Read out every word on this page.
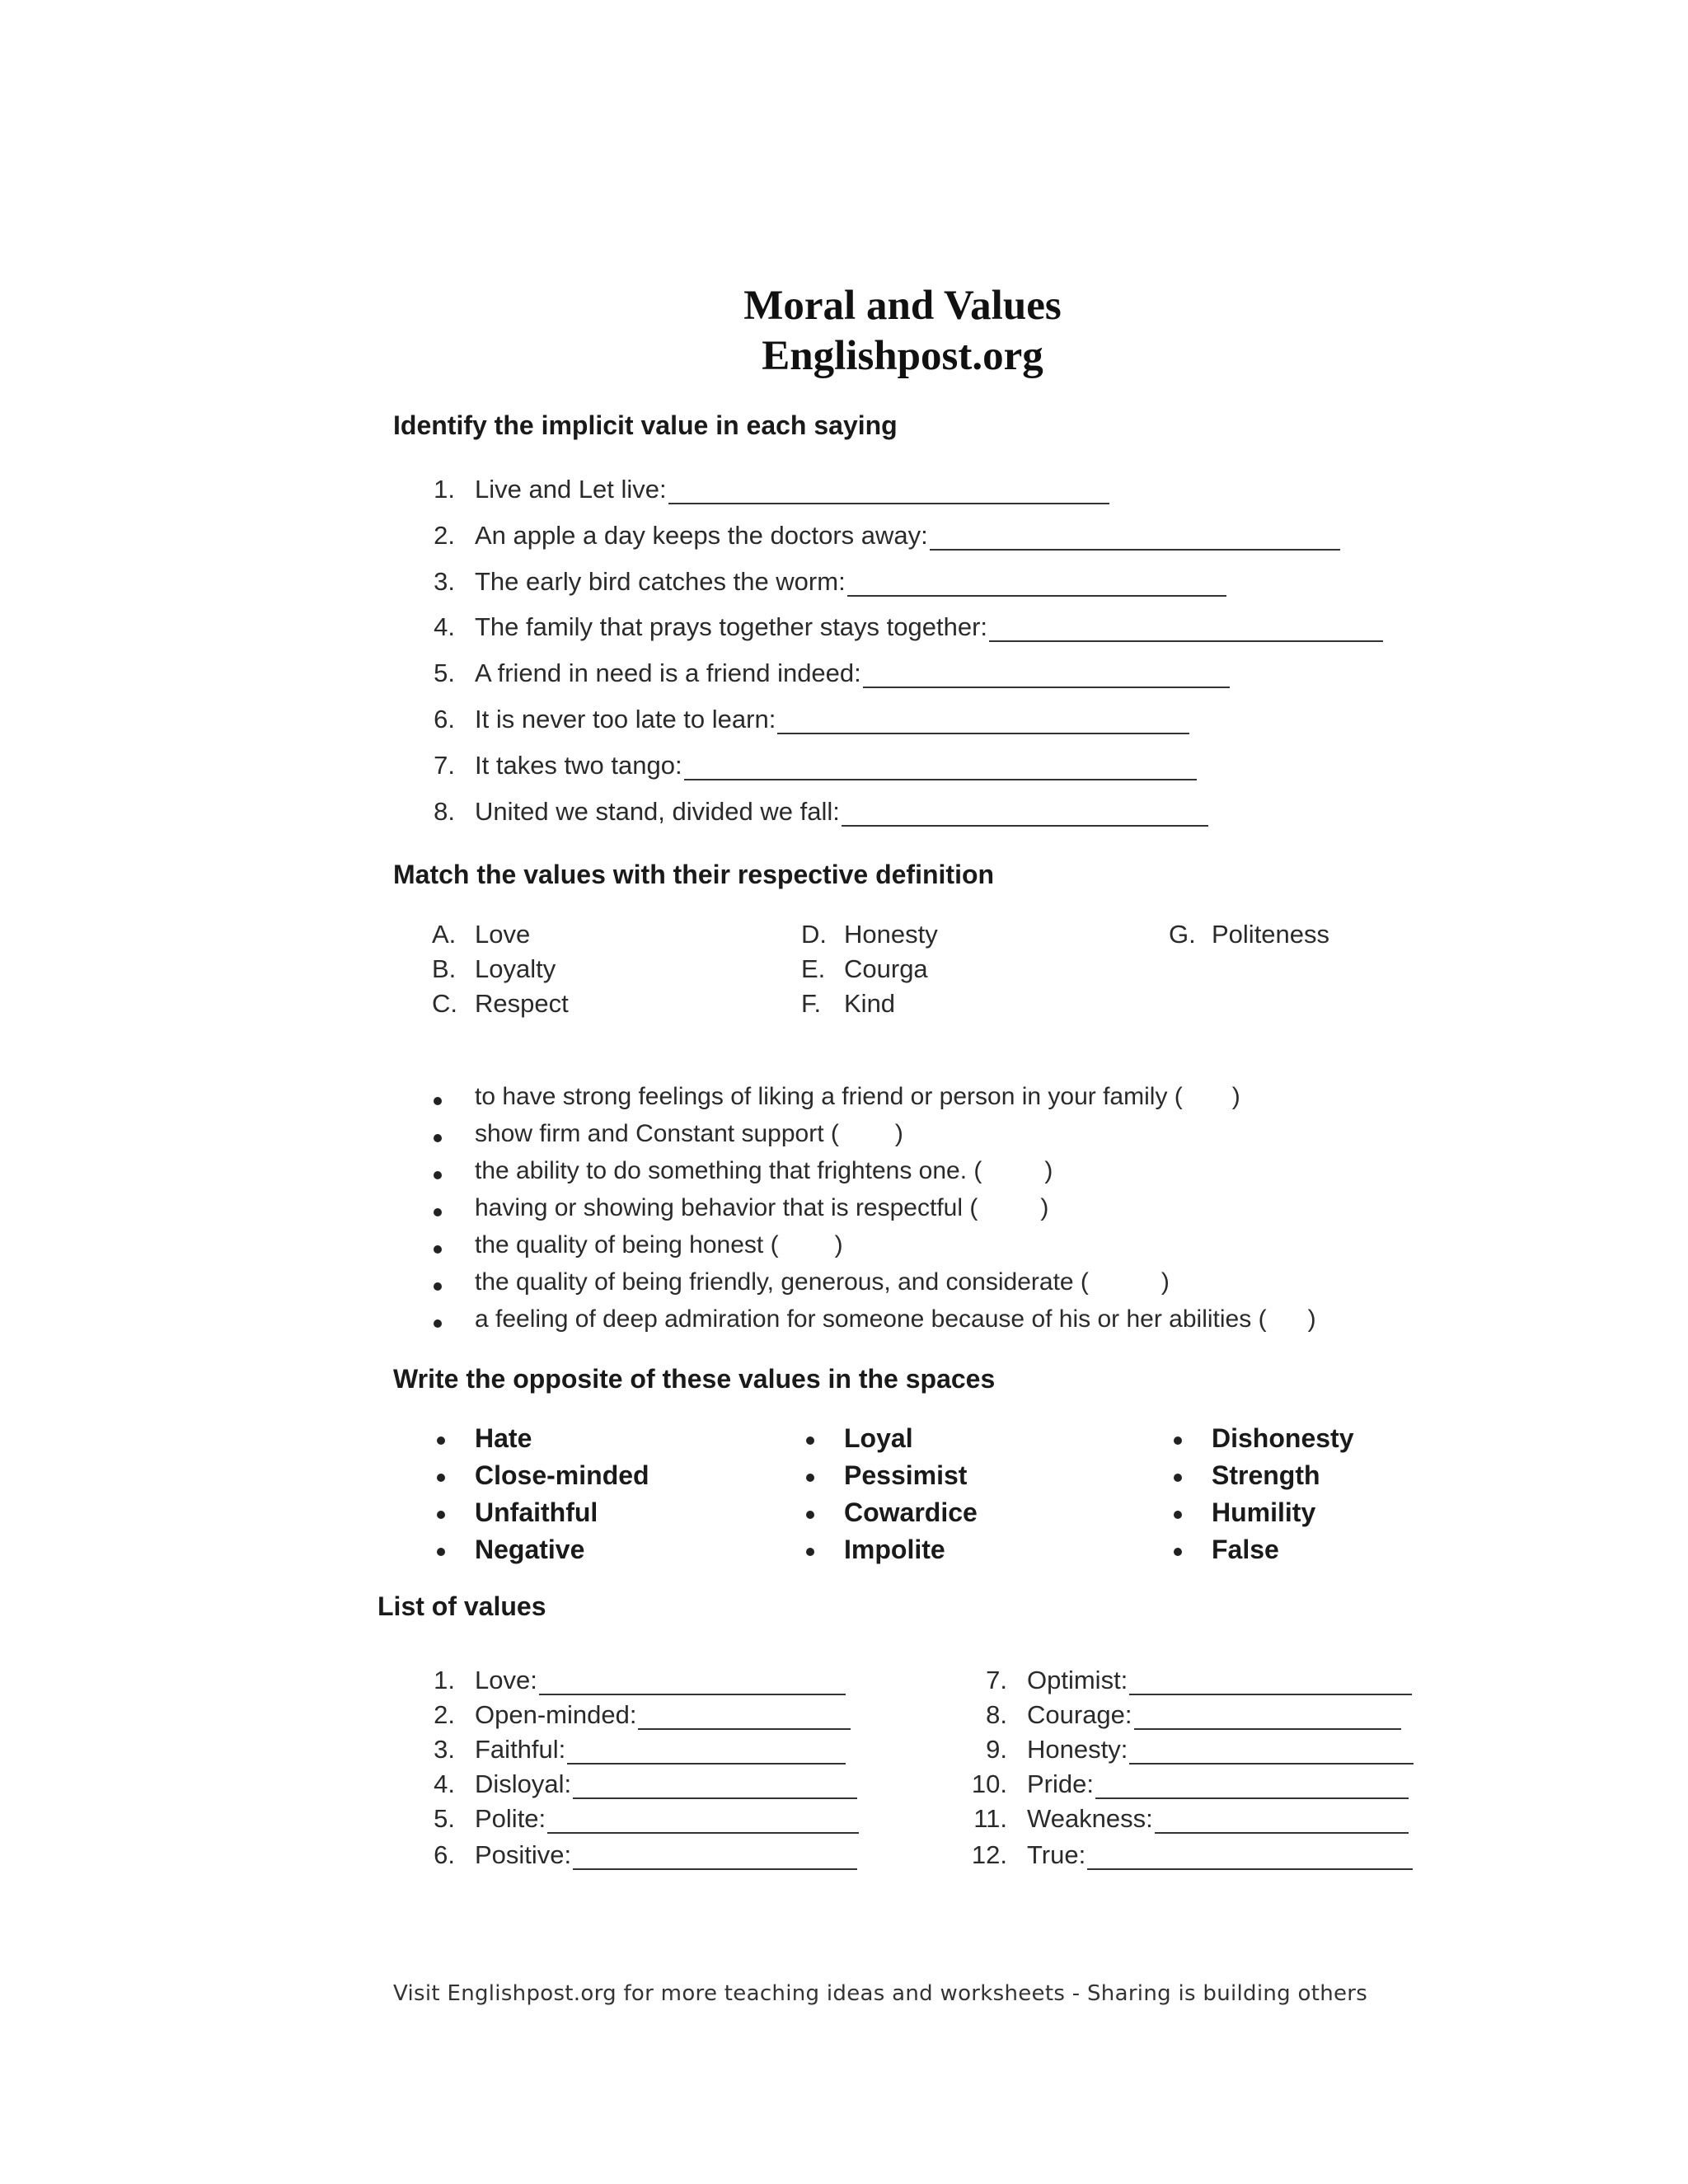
Moral and Values
Englishpost.org
Identify the implicit value in each saying
1. Live and Let live:
2. An apple a day keeps the doctors away:
3. The early bird catches the worm:
4. The family that prays together stays together:
5. A friend in need is a friend indeed:
6. It is never too late to learn:
7. It takes two tango:
8. United we stand, divided we fall:
Match the values with their respective definition
A. Love
B. Loyalty
C. Respect
D. Honesty
E. Courga
F. Kind
G. Politeness
to have strong feelings of liking a friend or person in your family ( )
show firm and Constant support ( )
the ability to do something that frightens one. (	)
having or showing behavior that is respectful (	)
the quality of being honest ( )
the quality of being friendly, generous, and considerate (	)
a feeling of deep admiration for someone because of his or her abilities ( )
Write the opposite of these values in the spaces
Hate
Close-minded
Unfaithful
Negative
Loyal
Pessimist
Cowardice
Impolite
Dishonesty
Strength
Humility
False
List of values
1. Love:
2. Open-minded:
3. Faithful:
4. Disloyal:
5. Polite:
6. Positive:
7. Optimist:
8. Courage:
9. Honesty:
10. Pride:
11. Weakness:
12. True:
Visit Englishpost.org for more teaching ideas and worksheets - Sharing is building others
